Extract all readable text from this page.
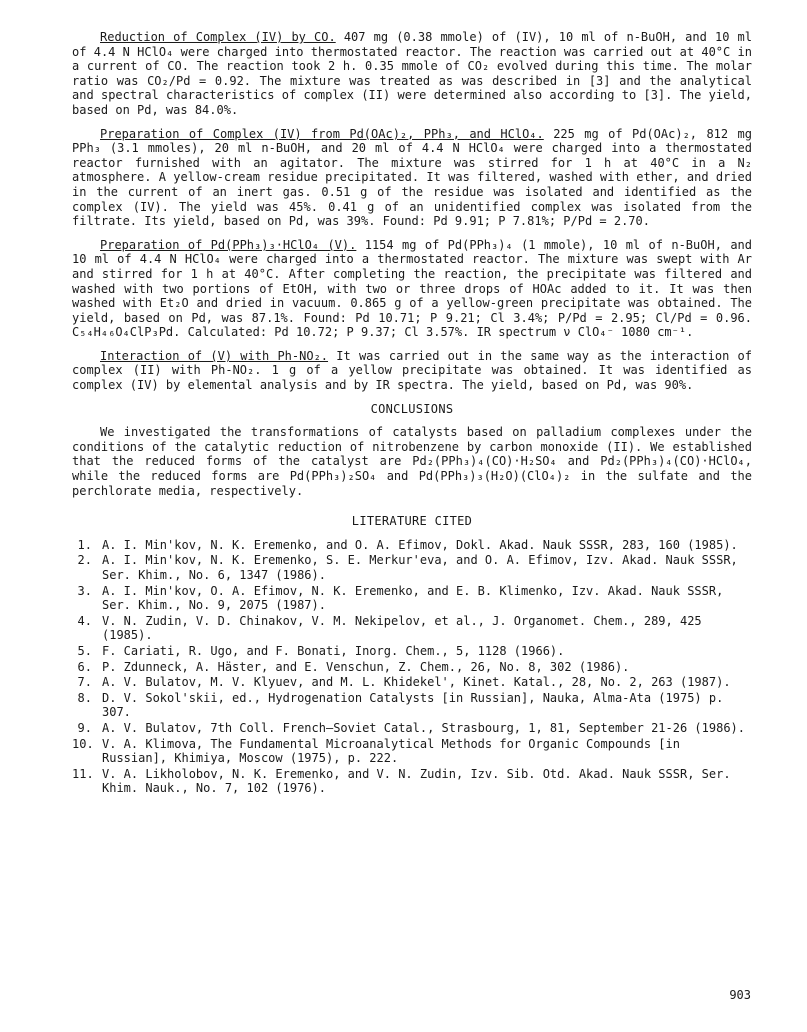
Reduction of Complex (IV) by CO. 407 mg (0.38 mmole) of (IV), 10 ml of n-BuOH, and 10 ml of 4.4 N HClO₄ were charged into thermostated reactor. The reaction was carried out at 40°C in a current of CO. The reaction took 2 h. 0.35 mmole of CO₂ evolved during this time. The molar ratio was CO₂/Pd = 0.92. The mixture was treated as was described in [3] and the analytical and spectral characteristics of complex (II) were determined also according to [3]. The yield, based on Pd, was 84.0%.

Preparation of Complex (IV) from Pd(OAc)₂, PPh₃, and HClO₄. 225 mg of Pd(OAc)₂, 812 mg PPh₃ (3.1 mmoles), 20 ml n-BuOH, and 20 ml of 4.4 N HClO₄ were charged into a thermostated reactor furnished with an agitator. The mixture was stirred for 1 h at 40°C in a N₂ atmosphere. A yellow-cream residue precipitated. It was filtered, washed with ether, and dried in the current of an inert gas. 0.51 g of the residue was isolated and identified as the complex (IV). The yield was 45%. 0.41 g of an unidentified complex was isolated from the filtrate. Its yield, based on Pd, was 39%. Found: Pd 9.91; P 7.81%; P/Pd = 2.70.

Preparation of Pd(PPh₃)₃·HClO₄ (V). 1154 mg of Pd(PPh₃)₄ (1 mmole), 10 ml of n-BuOH, and 10 ml of 4.4 N HClO₄ were charged into a thermostated reactor. The mixture was swept with Ar and stirred for 1 h at 40°C. After completing the reaction, the precipitate was filtered and washed with two portions of EtOH, with two or three drops of HOAc added to it. It was then washed with Et₂O and dried in vacuum. 0.865 g of a yellow-green precipitate was obtained. The yield, based on Pd, was 87.1%. Found: Pd 10.71; P 9.21; Cl 3.4%; P/Pd = 2.95; Cl/Pd = 0.96. C₅₄H₄₆O₄ClP₃Pd. Calculated: Pd 10.72; P 9.37; Cl 3.57%. IR spectrum ν ClO₄⁻ 1080 cm⁻¹.

Interaction of (V) with Ph-NO₂. It was carried out in the same way as the interaction of complex (II) with Ph-NO₂. 1 g of a yellow precipitate was obtained. It was identified as complex (IV) by elemental analysis and by IR spectra. The yield, based on Pd, was 90%.

CONCLUSIONS

We investigated the transformations of catalysts based on palladium complexes under the conditions of the catalytic reduction of nitrobenzene by carbon monoxide (II). We established that the reduced forms of the catalyst are Pd₂(PPh₃)₄(CO)·H₂SO₄ and Pd₂(PPh₃)₄(CO)·HClO₄, while the reduced forms are Pd(PPh₃)₂SO₄ and Pd(PPh₃)₃(H₂O)(ClO₄)₂ in the sulfate and the perchlorate media, respectively.

LITERATURE CITED
1. A. I. Min'kov, N. K. Eremenko, and O. A. Efimov, Dokl. Akad. Nauk SSSR, 283, 160 (1985).
2. A. I. Min'kov, N. K. Eremenko, S. E. Merkur'eva, and O. A. Efimov, Izv. Akad. Nauk SSSR, Ser. Khim., No. 6, 1347 (1986).
3. A. I. Min'kov, O. A. Efimov, N. K. Eremenko, and E. B. Klimenko, Izv. Akad. Nauk SSSR, Ser. Khim., No. 9, 2075 (1987).
4. V. N. Zudin, V. D. Chinakov, V. M. Nekipelov, et al., J. Organomet. Chem., 289, 425 (1985).
5. F. Cariati, R. Ugo, and F. Bonati, Inorg. Chem., 5, 1128 (1966).
6. P. Zdunneck, A. Häster, and E. Venschun, Z. Chem., 26, No. 8, 302 (1986).
7. A. V. Bulatov, M. V. Klyuev, and M. L. Khidekel', Kinet. Katal., 28, No. 2, 263 (1987).
8. D. V. Sokol'skii, ed., Hydrogenation Catalysts [in Russian], Nauka, Alma-Ata (1975) p. 307.
9. A. V. Bulatov, 7th Coll. French–Soviet Catal., Strasbourg, 1, 81, September 21-26 (1986).
10. V. A. Klimova, The Fundamental Microanalytical Methods for Organic Compounds [in Russian], Khimiya, Moscow (1975), p. 222.
11. V. A. Likholobov, N. K. Eremenko, and V. N. Zudin, Izv. Sib. Otd. Akad. Nauk SSSR, Ser. Khim. Nauk., No. 7, 102 (1976).
903
